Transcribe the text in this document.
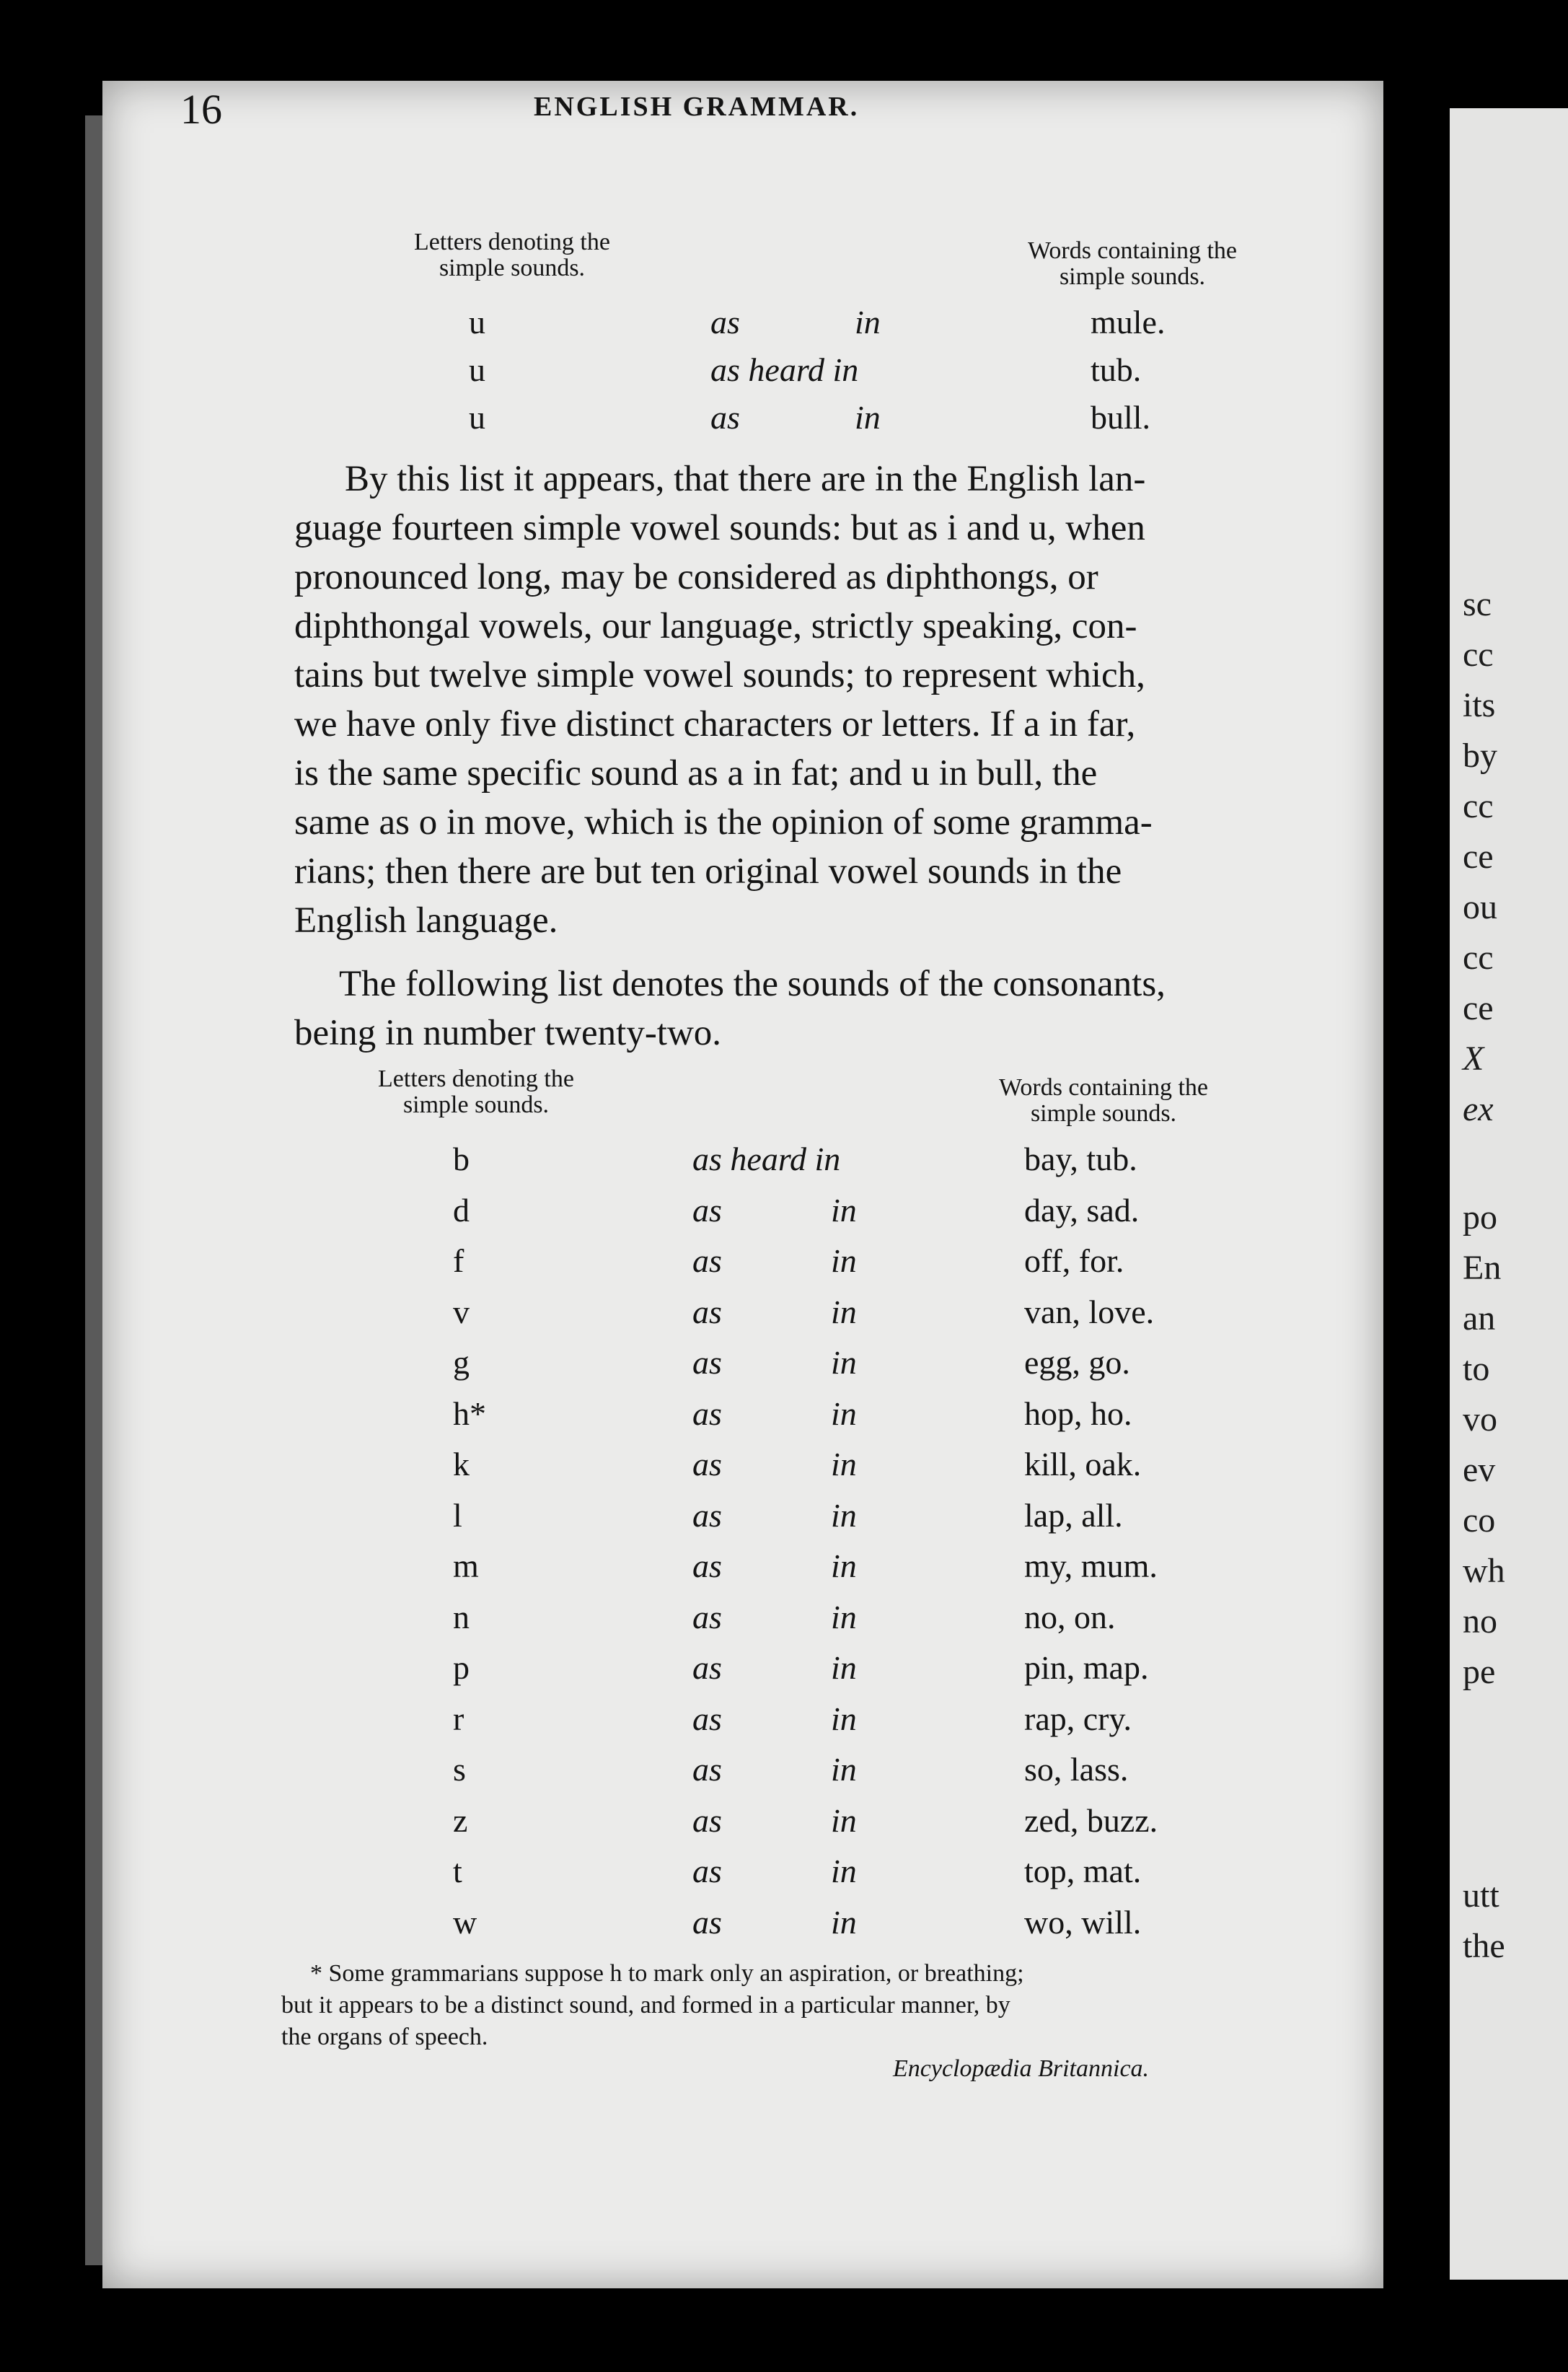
sc
cc
its
by
cc
ce
ou
cc
ce
X
ex
po
En
an
to
vo
ev
co
wh
no
pe
utt
the
16	ENGLISH GRAMMAR.
Letters denoting the
simple sounds.
Words containing the
simple sounds.
u	as	in	mule.
u	as heard in	tub.
u	as	in	bull.
By this list it appears, that there are in the English lan-
guage fourteen simple vowel sounds: but as i and u, when
pronounced long, may be considered as diphthongs, or
diphthongal vowels, our language, strictly speaking, con-
tains but twelve simple vowel sounds; to represent which,
we have only five distinct characters or letters. If a in far,
is the same specific sound as a in fat; and u in bull, the
same as o in move, which is the opinion of some gramma-
rians; then there are but ten original vowel sounds in the
English language.
The following list denotes the sounds of the consonants,
being in number twenty-two.
Letters denoting the
simple sounds.
Words containing the
simple sounds.
b	as heard in	bay, tub.
d	as	in	day, sad.
f	as	in	off, for.
v	as	in	van, love.
g	as	in	egg, go.
h*	as	in	hop, ho.
k	as	in	kill, oak.
l	as	in	lap, all.
m	as	in	my, mum.
n	as	in	no, on.
p	as	in	pin, map.
r	as	in	rap, cry.
s	as	in	so, lass.
z	as	in	zed, buzz.
t	as	in	top, mat.
w	as	in	wo, will.
* Some grammarians suppose h to mark only an aspiration, or breathing;
but it appears to be a distinct sound, and formed in a particular manner, by
the organs of speech.
Encyclopædia Britannica.
